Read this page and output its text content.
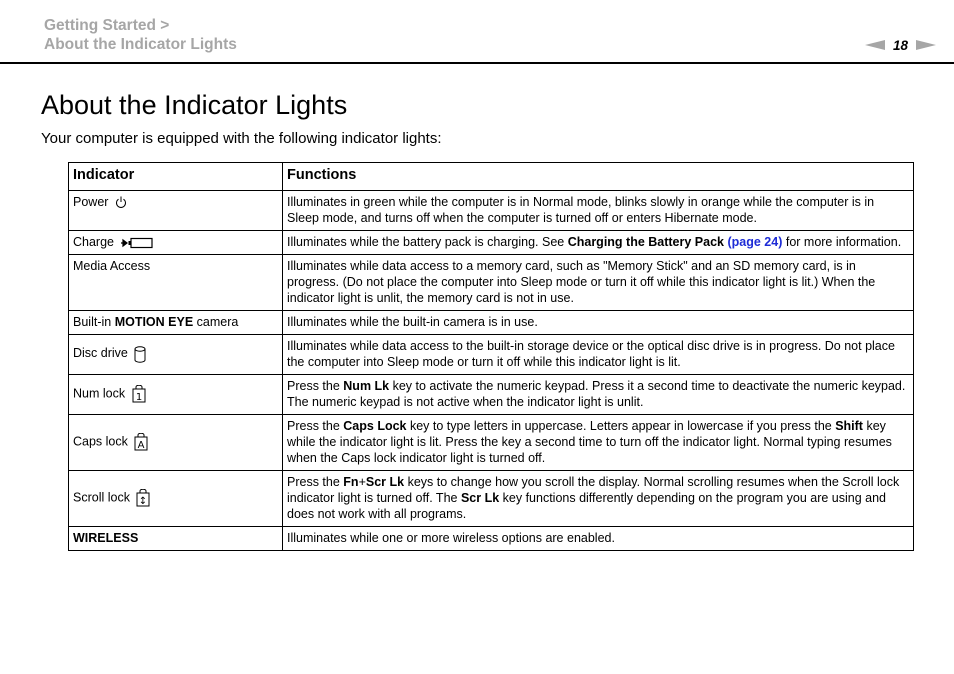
Getting Started >
About the Indicator Lights	18
About the Indicator Lights

Your computer is equipped with the following indicator lights:

Indicator	Functions
Power	Illuminates in green while the computer is in Normal mode, blinks slowly in orange while the computer is in Sleep mode, and turns off when the computer is turned off or enters Hibernate mode.
Charge	Illuminates while the battery pack is charging. See Charging the Battery Pack (page 24) for more information.
Media Access	Illuminates while data access to a memory card, such as "Memory Stick" and an SD memory card, is in progress. (Do not place the computer into Sleep mode or turn it off while this indicator light is lit.) When the indicator light is unlit, the memory card is not in use.
Built-in MOTION EYE camera	Illuminates while the built-in camera is in use.
Disc drive	Illuminates while data access to the built-in storage device or the optical disc drive is in progress. Do not place the computer into Sleep mode or turn it off while this indicator light is lit.
Num lock 1	Press the Num Lk key to activate the numeric keypad. Press it a second time to deactivate the numeric keypad. The numeric keypad is not active when the indicator light is unlit.
Caps lock A	Press the Caps Lock key to type letters in uppercase. Letters appear in lowercase if you press the Shift key while the indicator light is lit. Press the key a second time to turn off the indicator light. Normal typing resumes when the Caps lock indicator light is turned off.
Scroll lock ↕	Press the Fn+Scr Lk keys to change how you scroll the display. Normal scrolling resumes when the Scroll lock indicator light is turned off. The Scr Lk key functions differently depending on the program you are using and does not work with all programs.
WIRELESS	Illuminates while one or more wireless options are enabled.
